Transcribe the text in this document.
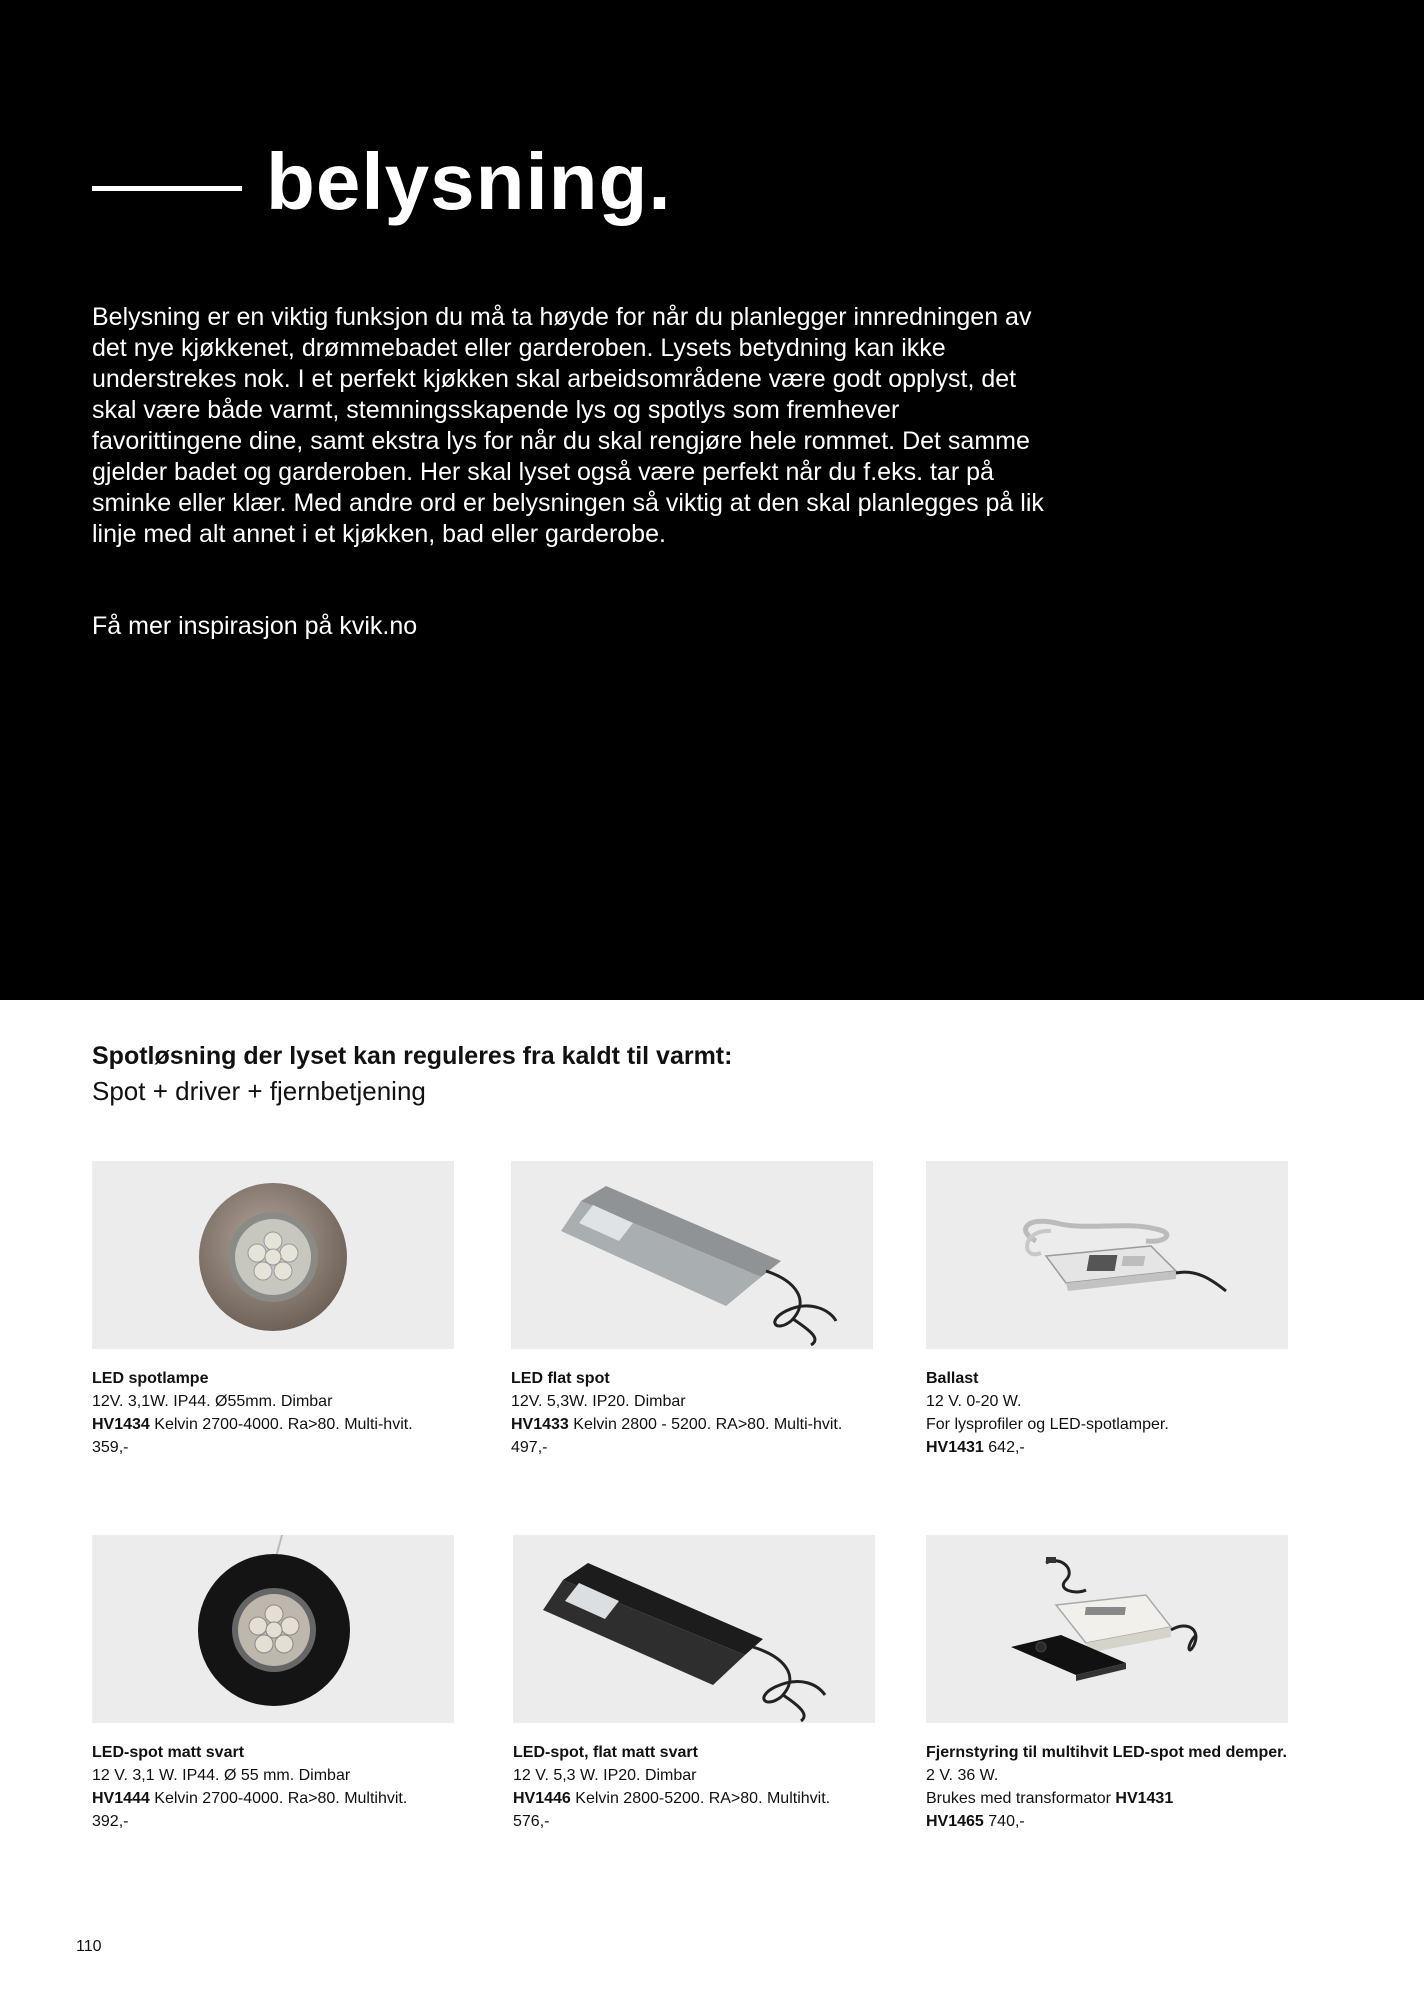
belysning.
Belysning er en viktig funksjon du må ta høyde for når du planlegger innredningen av det nye kjøkkenet, drømmebadet eller garderoben. Lysets betydning kan ikke understrekes nok. I et perfekt kjøkken skal arbeidsområdene være godt opplyst, det skal være både varmt, stemningsskapende lys og spotlys som fremhever favorittingene dine, samt ekstra lys for når du skal rengjøre hele rommet. Det samme gjelder badet og garderoben. Her skal lyset også være perfekt når du f.eks. tar på sminke eller klær. Med andre ord er belysningen så viktig at den skal planlegges på lik linje med alt annet i et kjøkken, bad eller garderobe.
Få mer inspirasjon på kvik.no
Spotløsning der lyset kan reguleres fra kaldt til varmt:
Spot + driver + fjernbetjening
LED spotlampe
12V. 3,1W. IP44. Ø55mm. Dimbar
HV1434 Kelvin 2700-4000. Ra>80. Multi-hvit.
359,-
LED flat spot
12V. 5,3W. IP20. Dimbar
HV1433 Kelvin 2800 - 5200. RA>80. Multi-hvit.
497,-
Ballast
12 V. 0-20 W.
For lysprofiler og LED-spotlamper.
HV1431 642,-
LED-spot matt svart
12 V. 3,1 W. IP44. Ø 55 mm. Dimbar
HV1444 Kelvin 2700-4000. Ra>80. Multihvit.
392,-
LED-spot, flat matt svart
12 V. 5,3 W. IP20. Dimbar
HV1446 Kelvin 2800-5200. RA>80. Multihvit.
576,-
Fjernstyring til multihvit LED-spot med demper.
2 V. 36 W.
Brukes med transformator HV1431
HV1465 740,-
110
